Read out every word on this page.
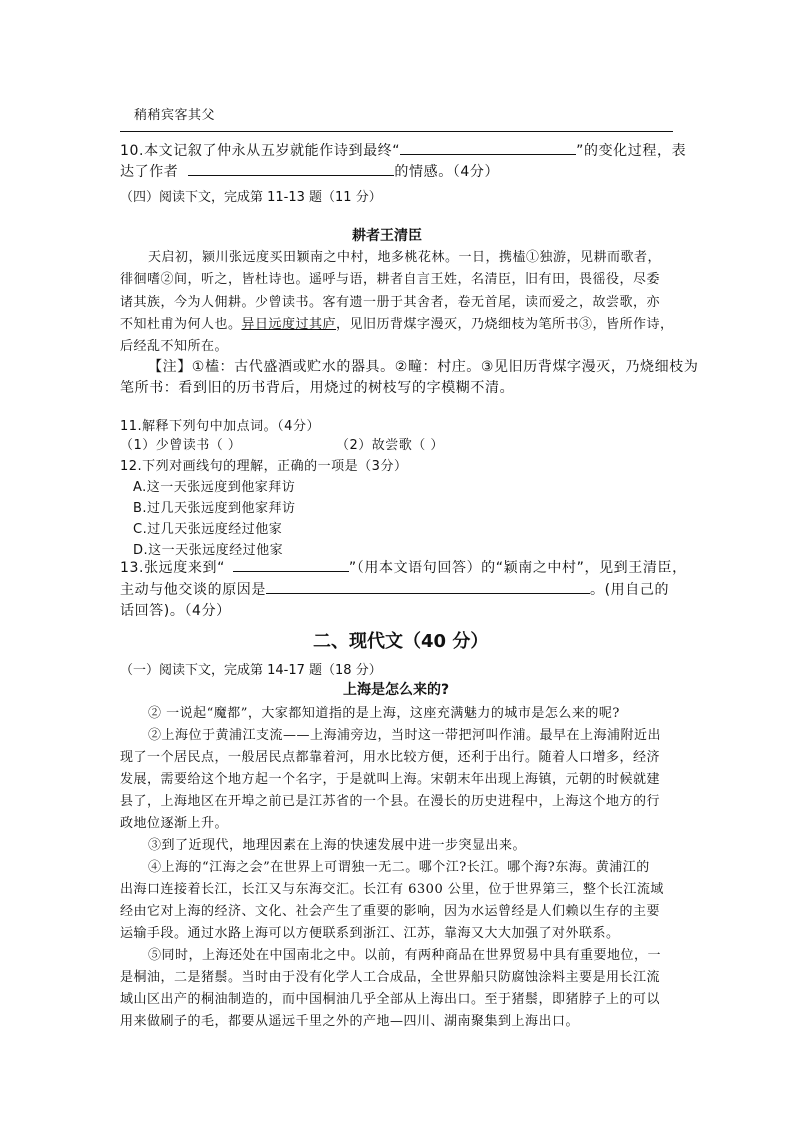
稍稍宾客其父
10.本文记叙了仲永从五岁就能作诗到最终“	”的变化过程，表
达了作者	的情感。（4分）
（四）阅读下文，完成第 11-13 题（11 分）
耕者王清臣
天启初，颍川张远度买田颖南之中村，地多桃花林。一日，携榼①独游，见耕而歌者，
徘徊嗜②间，听之，皆杜诗也。遥呼与语，耕者自言王姓，名清臣，旧有田，畏徭役，尽委
诸其族，今为人佣耕。少曾读书。客有遗一册于其舍者，卷无首尾，读而爱之，故尝歌，亦
不知杜甫为何人也。异日远度过其庐，见旧历背煤字漫灭，乃烧细枝为笔所书③，皆所作诗，
后经乱不知所在。
【注】①榼：古代盛酒或贮水的器具。②疃：村庄。③见旧历背煤字漫灭，乃烧细枝为
笔所书：看到旧的历书背后，用烧过的树枝写的字模糊不清。
11.解释下列句中加点词。（4分）
（1）少曾读书（ ）	（2）故尝歌（ ）
12.下列对画线句的理解，正确的一项是（3分）
A.这一天张远度到他家拜访
B.过几天张远度到他家拜访
C.过几天张远度经过他家
D.这一天张远度经过他家
13.张远度来到“	”（用本文语句回答）的“颖南之中村”，见到王清臣，
主动与他交谈的原因是	。(用自己的
话回答)。（4分）
二、现代文（40 分）
（一）阅读下文，完成第 14-17 题（18 分）
上海是怎么来的?
② 一说起“魔都”，大家都知道指的是上海，这座充满魅力的城市是怎么来的呢?
②上海位于黄浦江支流——上海浦旁边，当时这一带把河叫作浦。最早在上海浦附近出
现了一个居民点，一般居民点都靠着河，用水比较方便，还利于出行。随着人口增多，经济
发展，需要给这个地方起一个名字，于是就叫上海。宋朝末年出现上海镇，元朝的时候就建
县了，上海地区在开埠之前已是江苏省的一个县。在漫长的历史进程中，上海这个地方的行
政地位逐渐上升。
③到了近现代，地理因素在上海的快速发展中进一步突显出来。
④上海的“江海之会”在世界上可谓独一无二。哪个江?长江。哪个海?东海。黄浦江的
出海口连接着长江，长江又与东海交汇。长江有 6300 公里，位于世界第三，整个长江流域
经由它对上海的经济、文化、社会产生了重要的影响，因为水运曾经是人们赖以生存的主要
运输手段。通过水路上海可以方便联系到浙江、江苏，靠海又大大加强了对外联系。
⑤同时，上海还处在中国南北之中。以前，有两种商品在世界贸易中具有重要地位，一
是桐油，二是猪鬃。当时由于没有化学人工合成品，全世界船只防腐蚀涂料主要是用长江流
域山区出产的桐油制造的，而中国桐油几乎全部从上海出口。至于猪鬃，即猪脖子上的可以
用来做刷子的毛，都要从遥远千里之外的产地—四川、湖南聚集到上海出口。
